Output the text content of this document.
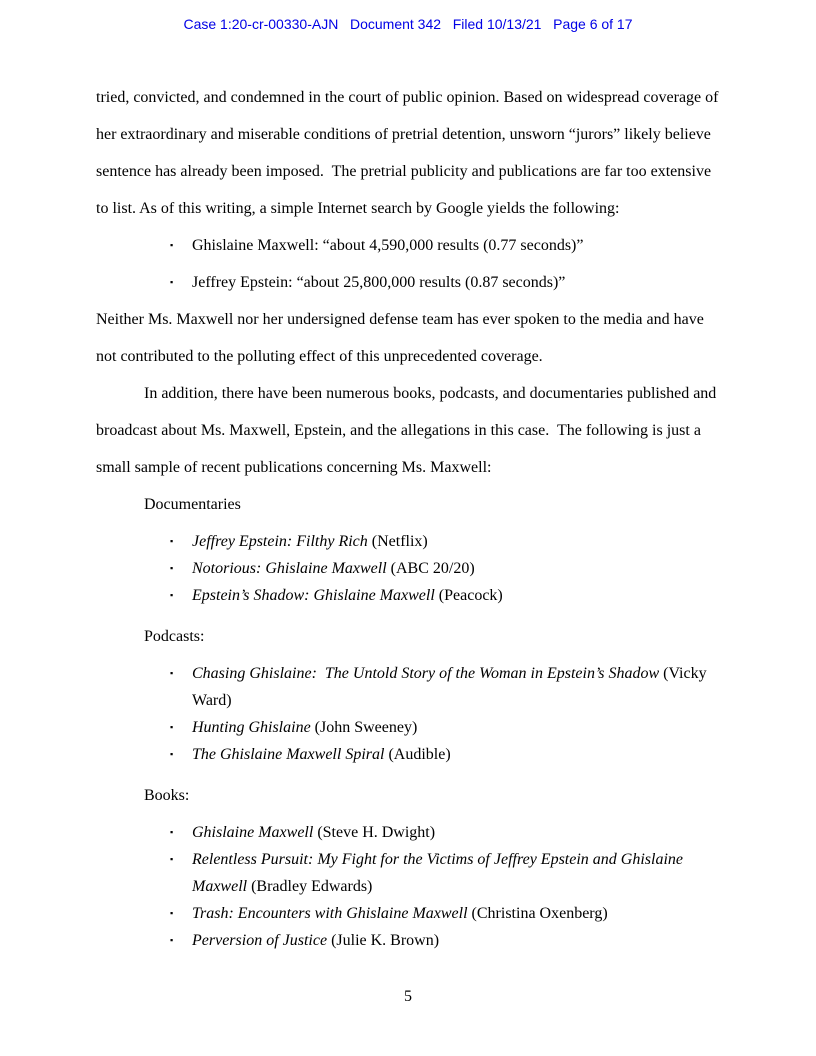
Case 1:20-cr-00330-AJN   Document 342   Filed 10/13/21   Page 6 of 17

tried, convicted, and condemned in the court of public opinion. Based on widespread coverage of her extraordinary and miserable conditions of pretrial detention, unsworn “jurors” likely believe sentence has already been imposed.  The pretrial publicity and publications are far too extensive to list. As of this writing, a simple Internet search by Google yields the following:

▪ Ghislaine Maxwell: “about 4,590,000 results (0.77 seconds)”
▪ Jeffrey Epstein: “about 25,800,000 results (0.87 seconds)”

Neither Ms. Maxwell nor her undersigned defense team has ever spoken to the media and have not contributed to the polluting effect of this unprecedented coverage.

In addition, there have been numerous books, podcasts, and documentaries published and broadcast about Ms. Maxwell, Epstein, and the allegations in this case.  The following is just a small sample of recent publications concerning Ms. Maxwell:

Documentaries

▪ Jeffrey Epstein: Filthy Rich (Netflix)
▪ Notorious: Ghislaine Maxwell (ABC 20/20)
▪ Epstein’s Shadow: Ghislaine Maxwell (Peacock)

Podcasts:

▪ Chasing Ghislaine:  The Untold Story of the Woman in Epstein’s Shadow (Vicky Ward)
▪ Hunting Ghislaine (John Sweeney)
▪ The Ghislaine Maxwell Spiral (Audible)

Books:

▪ Ghislaine Maxwell (Steve H. Dwight)
▪ Relentless Pursuit: My Fight for the Victims of Jeffrey Epstein and Ghislaine Maxwell (Bradley Edwards)
▪ Trash: Encounters with Ghislaine Maxwell (Christina Oxenberg)
▪ Perversion of Justice (Julie K. Brown)
5
